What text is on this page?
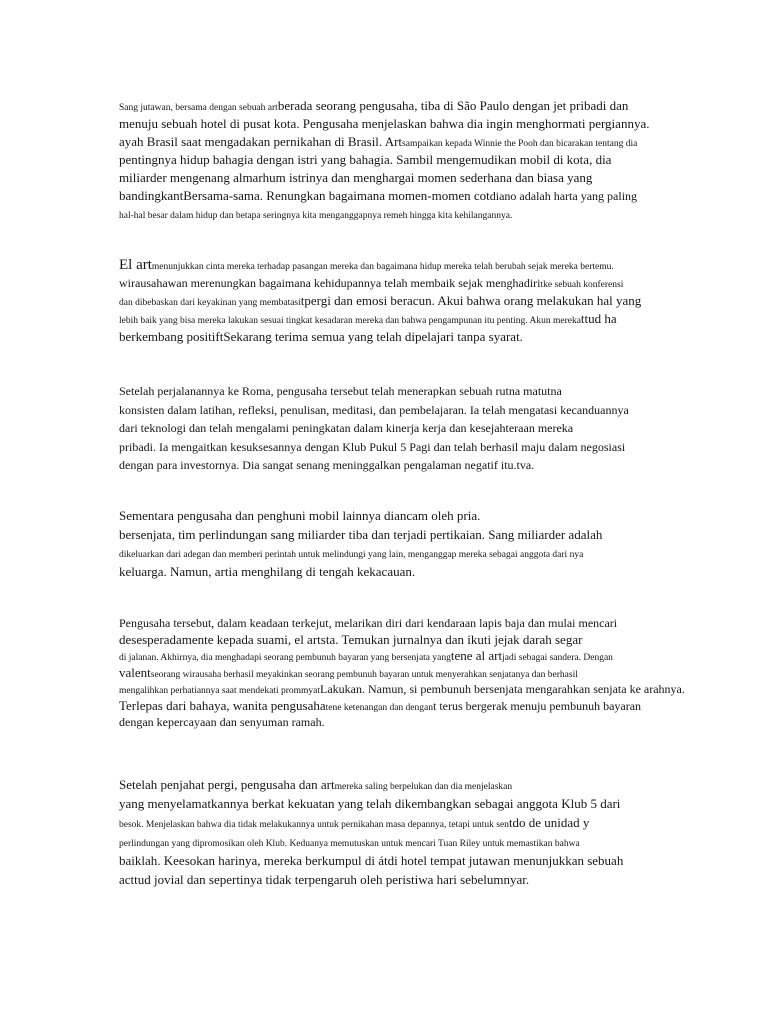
Sang jutawan, bersama dengan sebuah artberada seorang pengusaha, tiba di São Paulo dengan jet pribadi dan
menuju sebuah hotel di pusat kota. Pengusaha menjelaskan bahwa dia ingin menghormati pergiannya.
ayah Brasil saat mengadakan pernikahan di Brasil. Artsampaikan kepada Winnie the Pooh dan bicarakan tentang dia
pentingnya hidup bahagia dengan istri yang bahagia. Sambil mengemudikan mobil di kota, dia
miliarder mengenang almarhum istrinya dan menghargai momen sederhana dan biasa yang
bandingkantBersama-sama. Renungkan bagaimana momen-momen cotdiano adalah harta yang paling
hal-hal besar dalam hidup dan betapa seringnya kita menganggapnya remeh hingga kita kehilangannya.
El artmenunjukkan cinta mereka terhadap pasangan mereka dan bagaimana hidup mereka telah berubah sejak mereka bertemu.
wirausahawan merenungkan bagaimana kehidupannya telah membaik sejak menghadiritke sebuah konferensi
dan dibebaskan dari keyakinan yang membatasitpergi dan emosi beracun. Akui bahwa orang melakukan hal yang
lebih baik yang bisa mereka lakukan sesuai tingkat kesadaran mereka dan bahwa pengampunan itu penting. Akun merekattud ha
berkembang positiftSekarang terima semua yang telah dipelajari tanpa syarat.
Setelah perjalanannya ke Roma, pengusaha tersebut telah menerapkan sebuah rutna matutna
konsisten dalam latihan, refleksi, penulisan, meditasi, dan pembelajaran. Ia telah mengatasi kecanduannya
dari teknologi dan telah mengalami peningkatan dalam kinerja kerja dan kesejahteraan mereka
pribadi. Ia mengaitkan kesuksesannya dengan Klub Pukul 5 Pagi dan telah berhasil maju dalam negosiasi
dengan para investornya. Dia sangat senang meninggalkan pengalaman negatif itu.tva.
Sementara pengusaha dan penghuni mobil lainnya diancam oleh pria.
bersenjata, tim perlindungan sang miliarder tiba dan terjadi pertikaian. Sang miliarder adalah
dikeluarkan dari adegan dan memberi perintah untuk melindungi yang lain, menganggap mereka sebagai anggota dari nya
keluarga. Namun, artia menghilang di tengah kekacauan.
Pengusaha tersebut, dalam keadaan terkejut, melarikan diri dari kendaraan lapis baja dan mulai mencari
desesperadamente kepada suami, el artsta. Temukan jurnalnya dan ikuti jejak darah segar
di jalanan. Akhirnya, dia menghadapi seorang pembunuh bayaran yang bersenjata yangtene al artjadi sebagai sandera. Dengan
valentseorang wirausaha berhasil meyakinkan seorang pembunuh bayaran untuk menyerahkan senjatanya dan berhasil
mengalihkan perhatiannya saat mendekati prommyatLakukan. Namun, si pembunuh bersenjata mengarahkan senjata ke arahnya.
Terlepas dari bahaya, wanita pengusahatene ketenangan dan dengant terus bergerak menuju pembunuh bayaran
dengan kepercayaan dan senyuman ramah.
Setelah penjahat pergi, pengusaha dan artmereka saling berpelukan dan dia menjelaskan
yang menyelamatkannya berkat kekuatan yang telah dikembangkan sebagai anggota Klub 5 dari
besok. Menjelaskan bahwa dia tidak melakukannya untuk pernikahan masa depannya, tetapi untuk sentdo de unidad y
perlindungan yang dipromosikan oleh Klub. Keduanya memutuskan untuk mencari Tuan Riley untuk memastikan bahwa
baiklah. Keesokan harinya, mereka berkumpul di átdi hotel tempat jutawan menunjukkan sebuah
acttud jovial dan sepertinya tidak terpengaruh oleh peristiwa hari sebelumnyar.
